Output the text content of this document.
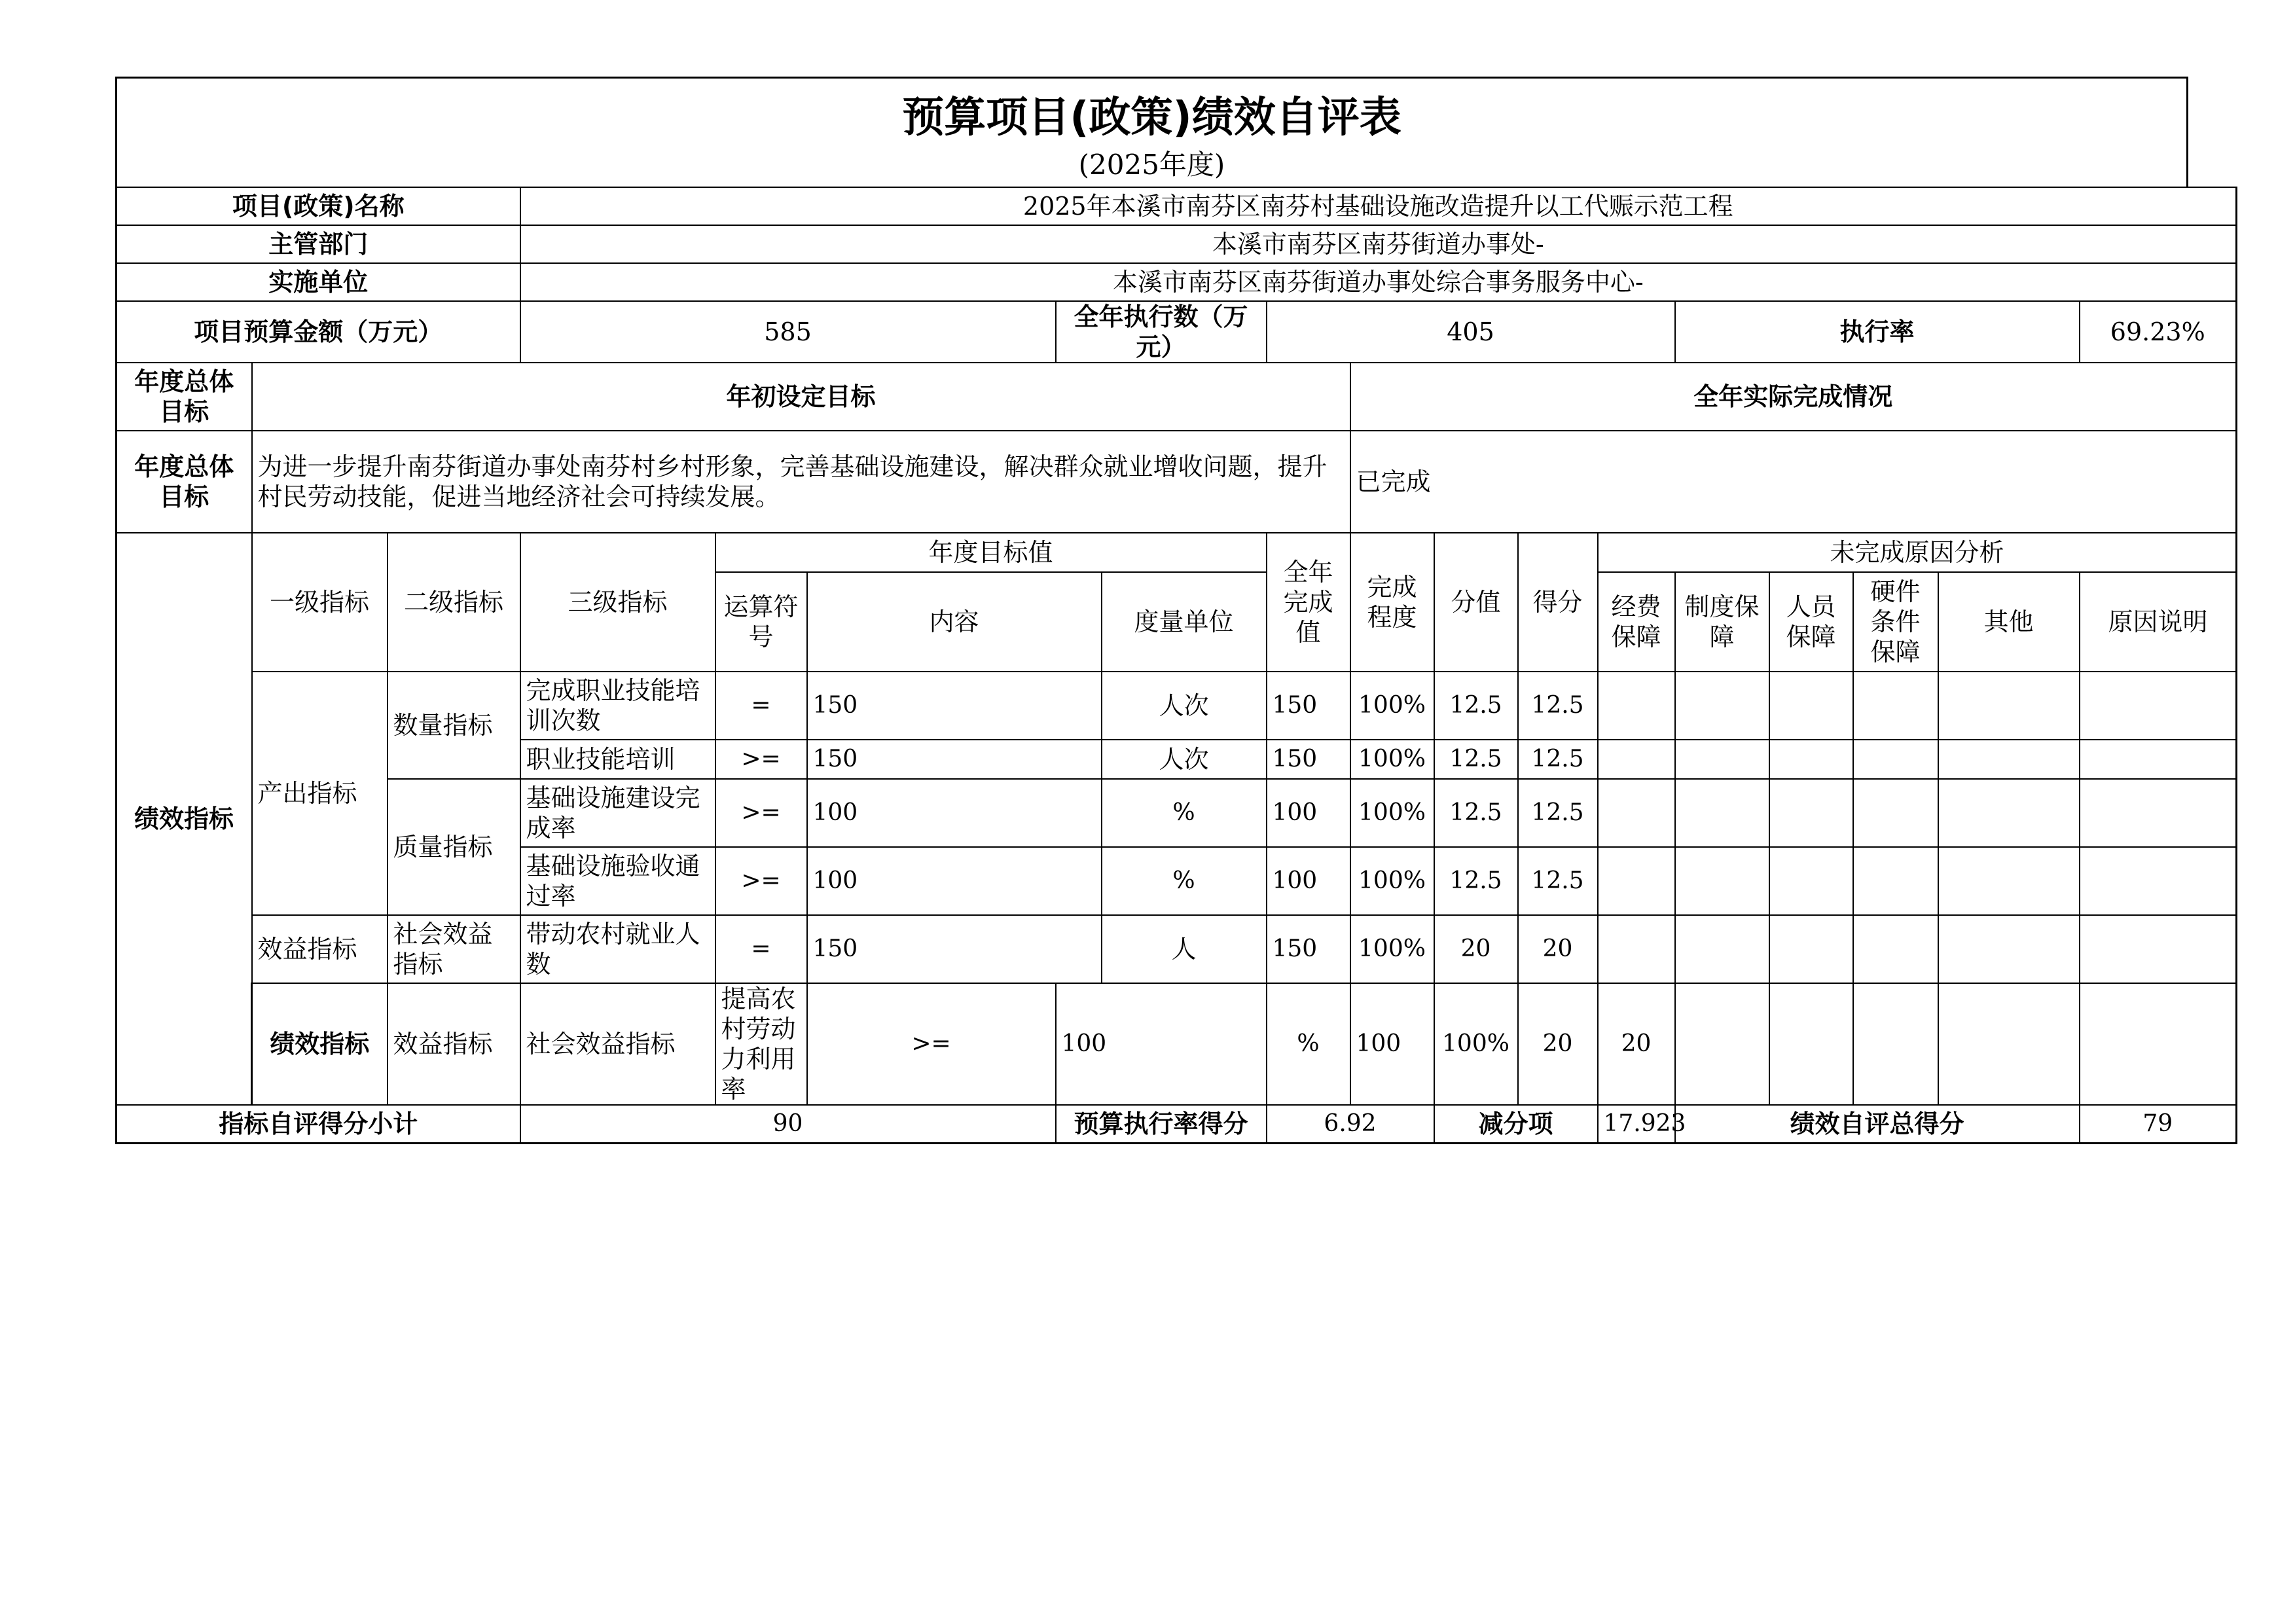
预算项目(政策)绩效自评表
(2025年度)
项目(政策)名称			2025年本溪市南芬区南芬村基础设施改造提升以工代赈示范工程															
主管部门			本溪市南芬区南芬街道办事处-															
实施单位			本溪市南芬区南芬街道办事处综合事务服务中心-															
项目预算金额（万元）			585			全年执行数（万元）		405					执行率				69.23%	
年度总体目标	年初设定目标								全年实际完成情况									
年度总体目标	为进一步提升南芬街道办事处南芬村乡村形象，完善基础设施建设，解决群众就业增收问题，提升村民劳动技能，促进当地经济社会可持续发展。								已完成									
绩效指标	一级指标	二级指标	三级指标	年度目标值				全年完成值	完成程度	分值	得分	未完成原因分析	
				运算符号	内容		度量单位					经费保障	制度保障	人员保障	硬件条件保障	其他	原因说明	
	产出指标	数量指标	完成职业技能培训次数	=	150		人次	150	100%	12.5	12.5							
			职业技能培训	>=	150		人次	150	100%	12.5	12.5							
		质量指标	基础设施建设完成率	>=	100		%	100	100%	12.5	12.5							
			基础设施验收通过率	>=	100		%	100	100%	12.5	12.5							
	效益指标	社会效益指标	带动农村就业人数	=	150		人	150	100%	20	20							
	绩效指标	效益指标	社会效益指标	提高农村劳动力利用率	>=	100		%	100	100%	20	20							
指标自评得分小计			90			预算执行率得分		6.92		减分项		17.923	绩效自评总得分				79	
